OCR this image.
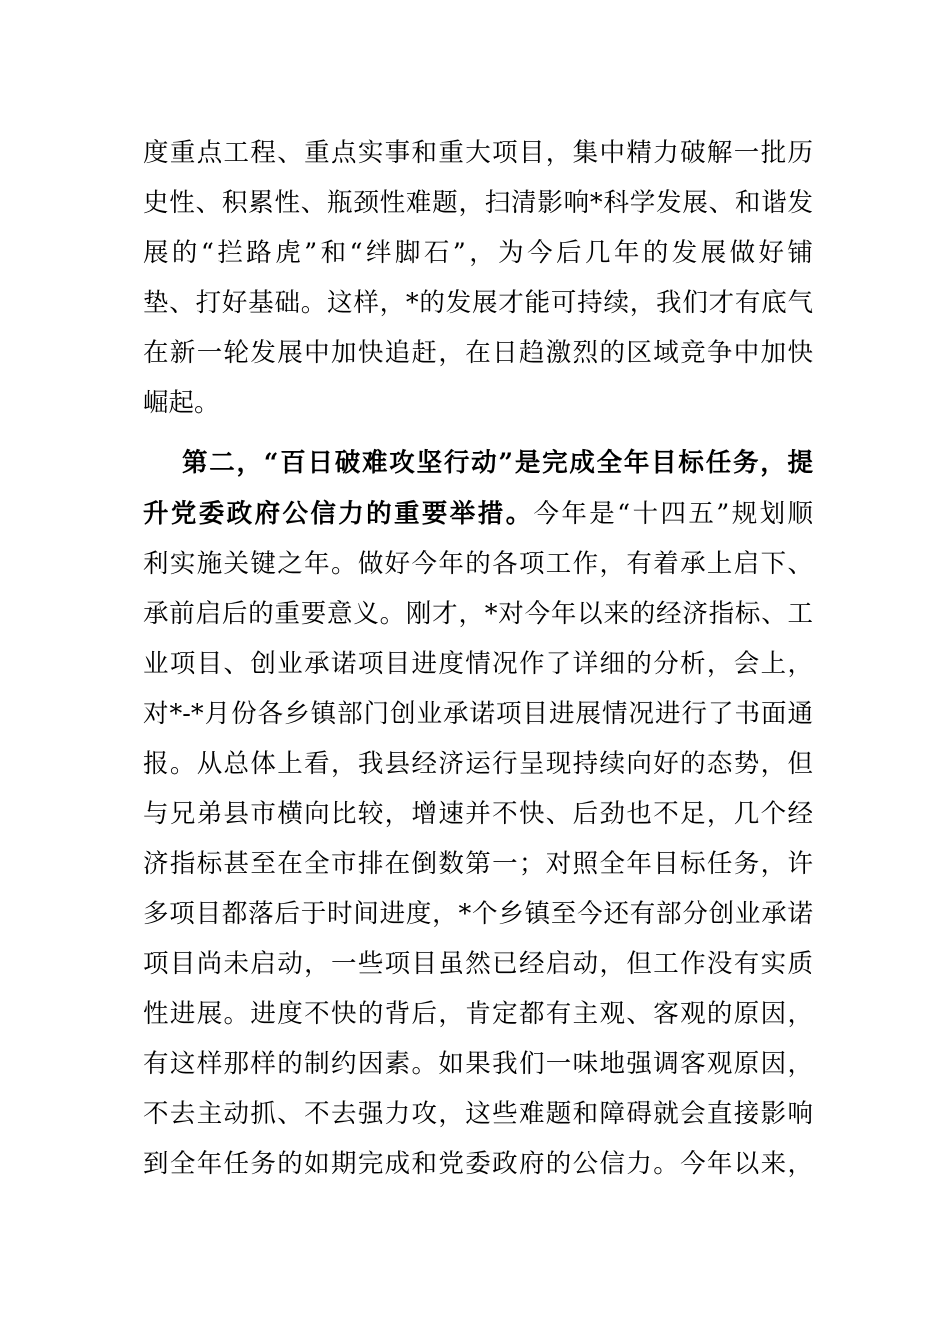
度重点工程、重点实事和重大项目，集中精力破解一批历
史性、积累性、瓶颈性难题，扫清影响*科学发展、和谐发
展的“拦路虎”和“绊脚石”，为今后几年的发展做好铺
垫、打好基础。这样，*的发展才能可持续，我们才有底气
在新一轮发展中加快追赶，在日趋激烈的区域竞争中加快
崛起。
第二，“百日破难攻坚行动”是完成全年目标任务，提
升党委政府公信力的重要举措。今年是“十四五”规划顺
利实施关键之年。做好今年的各项工作，有着承上启下、
承前启后的重要意义。刚才，*对今年以来的经济指标、工
业项目、创业承诺项目进度情况作了详细的分析，会上，
对*-*月份各乡镇部门创业承诺项目进展情况进行了书面通
报。从总体上看，我县经济运行呈现持续向好的态势，但
与兄弟县市横向比较，增速并不快、后劲也不足，几个经
济指标甚至在全市排在倒数第一；对照全年目标任务，许
多项目都落后于时间进度，*个乡镇至今还有部分创业承诺
项目尚未启动，一些项目虽然已经启动，但工作没有实质
性进展。进度不快的背后，肯定都有主观、客观的原因，
有这样那样的制约因素。如果我们一味地强调客观原因，
不去主动抓、不去强力攻，这些难题和障碍就会直接影响
到全年任务的如期完成和党委政府的公信力。今年以来，
